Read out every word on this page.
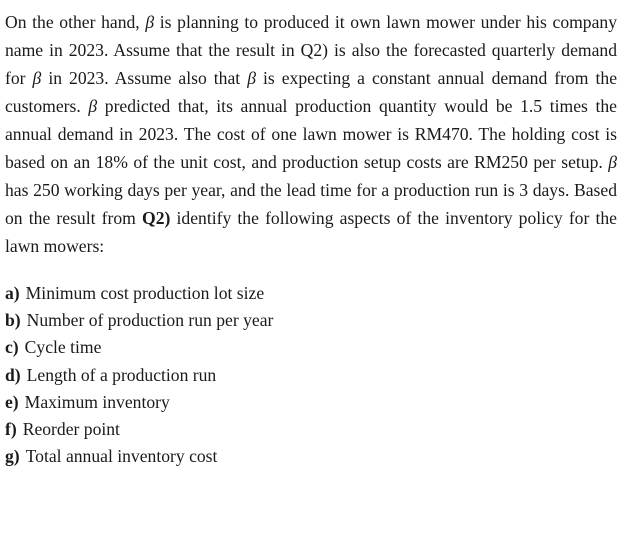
On the other hand, β is planning to produced it own lawn mower under his company name in 2023. Assume that the result in Q2) is also the forecasted quarterly demand for β in 2023. Assume also that β is expecting a constant annual demand from the customers. β predicted that, its annual production quantity would be 1.5 times the annual demand in 2023. The cost of one lawn mower is RM470. The holding cost is based on an 18% of the unit cost, and production setup costs are RM250 per setup. β has 250 working days per year, and the lead time for a production run is 3 days. Based on the result from Q2) identify the following aspects of the inventory policy for the lawn mowers:

a) Minimum cost production lot size
b) Number of production run per year
c) Cycle time
d) Length of a production run
e) Maximum inventory
f) Reorder point
g) Total annual inventory cost
